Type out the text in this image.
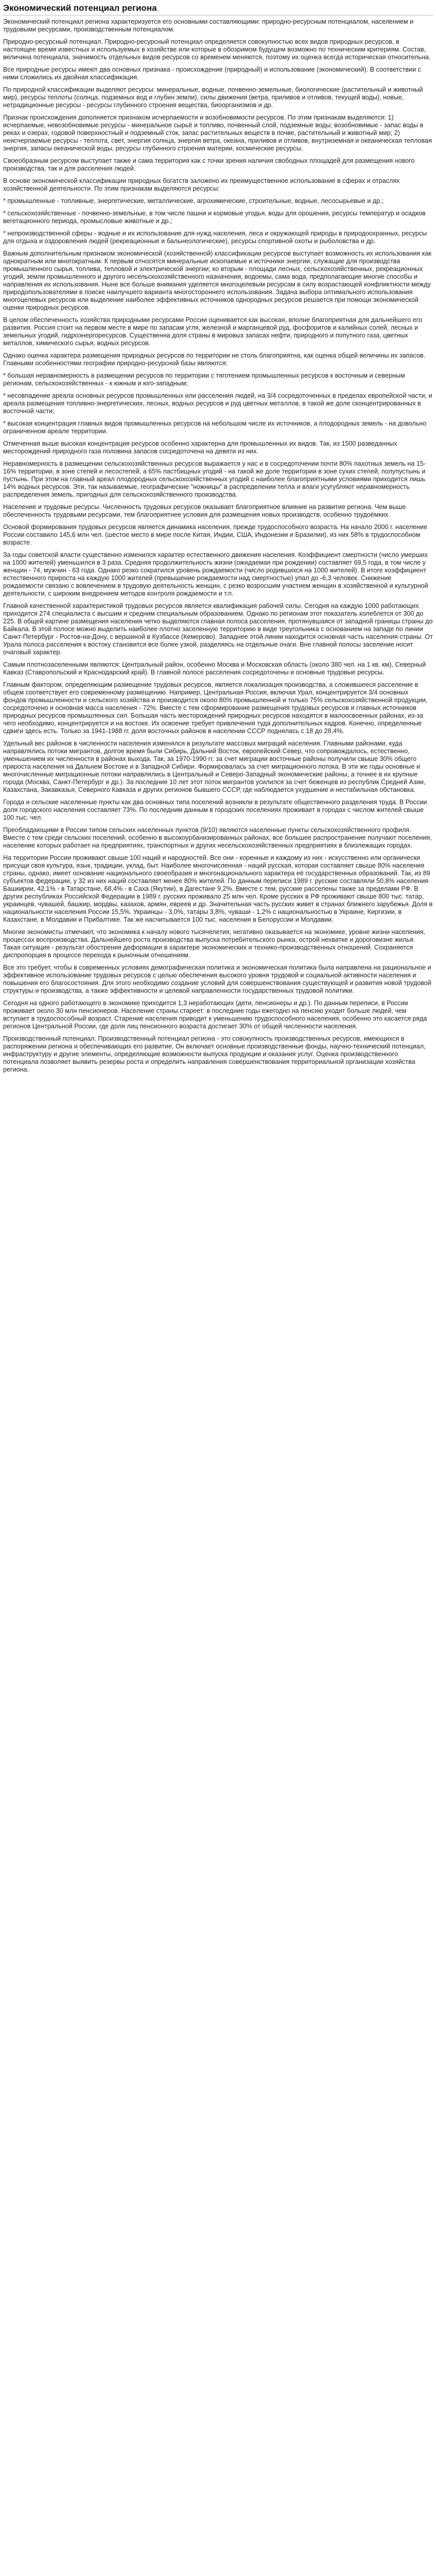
Экономический потенциал региона

Экономический потенциал региона характеризуется его основными составляющими: природно-ресурсным потенциалом, населением и трудовыми ресурсами, производственным потенциалом.

Природно-ресурсный потенциал. Природно-ресурсный потенциал определяется совокупностью всех видов природных ресурсов, в настоящее время известных и используемых в хозяйстве или которые в обозримом будущем возможно по техническим критериям. Состав, величина потенциала, значимость отдельных видов ресурсов со временем меняются, поэтому их оценка всегда историческая относительна.

Все природные ресурсы имеют два основных признака - происхождение (природный) и использование (экономический). В соответствии с ними сложились их двойная классификация.

По природной классификации выделяют ресурсы: минеральные, водные, почвенно-земельные, биологические (растительный и животный мир), ресурсы теплоты (солнца, подземных вод и глубин земли), силы движения (ветра, приливов и отливов, текущей воды), новые, нетрадиционные ресурсы - ресурсы глубинного строения вещества, биоорганизмов и др.

Признак происхождения дополняется признаком исчерпаемости и возобновимости ресурсов. По этим признакам выделяются: 1) исчерпаемые, невозобновимые ресурсы - минеральное сырьё и топливо, почвенный слой, подземные воды; возобновимые - запас воды в реках и озерах, годовой поверхностный и подземный сток, запас растительных веществ в почве, растительный и животный мир; 2) неисчерпаемые ресурсы - теплота, свет, энергия солнца, энергия ветра, океана, приливов и отливов, внутриземная и океаническая тепловая энергия, запасы океанической воды, ресурсы глубинного строения материи, космические ресурсы.

Своеобразным ресурсом выступает также и сама территория как с точки зрения наличия свободных площадей для размещения нового производства, так и для расселения людей.

В основе экономической классификации природных богатств заложено их преимущественное использование в сферах и отраслях хозяйственной деятельности. По этим признакам выделяются ресурсы:

* промышленные - топливные, энергетические, металлические, агрохимические, строительные, водные, лесосырьевые и др.;

* сельскохозяйственные - почвенно-земельные, в том числе пашни и кормовые угодья, воды для орошения, ресурсы температур и осадков вегетационного периода, промысловые животные и др.;

* непроизводственной сферы - водные и их использование для нужд населения, леса и окружающей природы в природоохранных, ресурсы для отдыха и оздоровления людей (рекреационные и бальнеологические), ресурсы спортивной охоты и рыболовства и др.

Важным дополнительным признаком экономической (хозяйственной) классификации ресурсов выступает возможность их использования как однократным или многократным. К первым относятся минеральные ископаемые и источники энергии, служащие для производства промышленного сырья, топлива, тепловой и электрической энергии; ко вторым - площади лесных, сельскохозяйственных, рекреационных угодий, земли промышленного и другого несельскохозяйственного назначения, водоемы, сама вода, предполагающие многие способы и направления их использования. Ныне все больше внимания уделяется многоцелевым ресурсам в силу возрастающей конфликтности между природопользователями в поиске наилучшего варианта многостороннего использования. Задача выбора оптимального использования многоцелевых ресурсов или выделение наиболее эффективных источников однородных ресурсов решается при помощи экономической оценки природных ресурсов.

В целом обеспеченность хозяйства природными ресурсами России оценивается как высокая, вполне благоприятная для дальнейшего его развития. Россия стоит на первом месте в мире по запасам угля, железной и марганцевой руд, фосфоритов и калийных солей, лесных и земельных угодий, гидроэнергоресурсов. Существенна доля страны в мировых запасах нефти, природного и попутного газа, цветных металлов, химического сырья, водных ресурсов.

Однако оценка характера размещения природных ресурсов по территории не столь благоприятна, как оценка общей величины их запасов. Главными особенностями географии природно-ресурсной базы являются:

* большая неравномерность в размещении ресурсов по территории с тяготением промышленных ресурсов к восточным и северным регионам, сельскохозяйственных - к южным и юго-западным;

* несовпадение ареала основных ресурсов промышленных или расселения людей, на 3/4 сосредоточенных в пределах европейской части, и ареала размещения топливно-энергетических, лесных, водных ресурсов и руд цветных металлов, в такой же доле сконцентрированных в восточной части;

* высокая концентрация главных видов промышленных ресурсов на небольшом числе их источников, а плодородных земель - на довольно ограниченном ареале территории.

Отмеченная выше высокая концентрация ресурсов особенно характерна для промышленных их видов. Так, из 1500 разведанных месторождений природного газа половина запасов сосредоточена на девяти из них.

Неравномерность в размещении сельскохозяйственных ресурсов выражается у нас и в сосредоточении почти 80% пахотных земель на 15-16% территории, в зоне степей и лесостепей, а 65% пастбищных угодий - на такой же доле территории в зоне сухих степей, полупустынь и пустынь. При этом на главный ареал плодородных сельскохозяйственных угодий с наиболее благоприятными условиями приходится лишь 14% водных ресурсов. Эти, так называемые, географические "ножницы" в распределении тепла и влаги усугубляют неравномерность распределения земель, пригодных для сельскохозяйственного производства.

Население и трудовые ресурсы. Численность трудовых ресурсов оказывает благоприятное влияние на развитие региона. Чем выше обеспеченность трудовыми ресурсами, тем благоприятнее условия для размещения новых производств, особенно трудоёмких.

Основой формирования трудовых ресурсов является динамика населения, прежде трудоспособного возраста. На начало 2000 г. население России составило 145,6 млн чел. (шестое место в мире после Китая, Индии, США, Индонезии и Бразилии), из них 58% в трудоспособном возрасте.

За годы советской власти существенно изменился характер естественного движения населения. Коэффициент смертности (число умерших на 1000 жителей) уменьшился в 3 раза. Средняя продолжительность жизни (ожидаемая при рождении) составляет 69,5 года, в том числе у женщин - 74, мужчин - 63 года. Однако резко сократился уровень рождаемости (число родившихся на 1000 жителей). В итоге коэффициент естественного прироста на каждую 1000 жителей (превышение рождаемости над смертностью) упал до -6,3 человек. Снижение рождаемости связано с вовлечением в трудовую деятельность женщин, с резко возросшим участием женщин в хозяйственной и культурной деятельности, с широким внедрением методов контроля рождаемости и т.п.

Главной качественной характеристикой трудовых ресурсов является квалификация рабочей силы. Сегодня на каждую 1000 работающих приходится 274 специалиста с высшим и средним специальным образованием. Однако по регионам этот показатель колеблется от 300 до 225. В общей картине размещения населения четко выделяются главная полоса расселения, протянувшаяся от западной границы страны до Байкала. В этой полосе можно выделить наиболее плотно заселенную территорию в виде треугольника с основанием на западе по линии Санкт-Петербург - Ростов-на-Дону, с вершиной в Кузбассе (Кемерово). Западнее этой линии находится основная часть населения страны. От Урала полоса расселения к востоку становится все более узкой, разделяясь на отдельные очаги. Вне главной полосы заселение носит очаговый характер.

Самым плотнозаселенными являются: Центральный район, особенно Москва и Московская область (около 380 чел. на 1 кв. км), Северный Кавказ (Ставропольский и Краснодарский край). В главной полосе расселения сосредоточены и основные трудовые ресурсы.

Главным фактором, определяющим размещение трудовых ресурсов, является локализация производства, а сложившееся расселение в общем соответствует его современному размещению. Например, Центральная Россия, включая Урал, концентрируется 3/4 основных фондов промышленности и сельского хозяйства и производится около 80% промышленной и только 75% сельскохозяйственной продукции, сосредоточено и основная масса населения - 72%. Вместе с тем сформирование размещения трудовых ресурсов и главных источников природных ресурсов промышленных сил. Большая часть месторождений природных ресурсов находятся в малоосвоенных районах, из-за чего необходимо, концентрируется и на востоке. Их освоение требует привлечения туда дополнительных кадров. Конечно, определенные сдвиги здесь есть. Только за 1941-1988 гг. доля восточных районов в населении СССР поднялась с 18 до 28,4%.

Удельный вес районов в численности населения изменялся в результате массовых миграций населения. Главными районами, куда направлялись потоки мигрантов, долгое время были Сибирь, Дальний Восток, европейский Север, что сопровождалось, естественно, уменьшением их численности в районах выхода. Так, за 1970-1990 гг. за счет миграции восточные районы получили свыше 30% общего прироста населения на Дальнем Востоке и в Западной Сибири. Формировалась за счет миграционного потока. В эти же годы основные и многочисленные миграционные потоки направлялись в Центральный и Северо-Западный экономические районы, а точнее в их крупные города (Москва, Санкт-Петербург и др.). За последние 10 лет этот поток мигрантов усилился за счет беженцев из республик Средней Азии, Казахстана, Закавказья, Северного Кавказа и других регионов бывшего СССР, где наблюдается ухудшение и нестабильная обстановка.

Города и сельские населенные пункты как два основных типа поселений возникли в результате общественного разделения труда. В России доля городского населения составляет 73%. По последним данным в городских поселениях проживает в городах с числом жителей свыше 100 тыс. чел.

Преобладающими в России типом сельских населенных пунктов (9/10) являются населенные пункты сельскохозяйственного профиля. Вместе с тем среди сельских поселений, особенно в высокоурбанизированных районах, все большее распространение получают поселения, население которых работает на предприятиях, транспортных и других несельскохозяйственных предприятиях в близлежащих городах.

На территории России проживают свыше 100 наций и народностей. Все они - коренные и каждому из них - искусственно или органически присущи своя культура, язык, традиции, уклад, быт. Наиболее многочисленная - наций русская, которая составляет свыше 80% населения страны, однако, имеет основание национального своеобразия и многонационального характера её государственных образований. Так, из 89 субъектов федерации, у 32 из них наций составляет менее 80% жителей. По данным переписи 1989 г. русские составляли 50,8% населения Башкирии, 42,1% - в Татарстане, 68,4% - в Саха (Якутии), в Дагестане 9,2%. Вместе с тем, русские расселены также за пределами РФ. В других республиках Российской Федерации в 1989 г. русских проживало 25 млн чел. Кроме русских в РФ проживают свыше 800 тыс. татар, украинцев, чувашей, башкир, мордвы, казахов, армян, евреев и др. Значительная часть русских живет в странах ближнего зарубежья. Доля в национальности населения России 15,5%. Украинцы - 3,0%, татары 3,8%, чуваши - 1,2% с национальностью в Украине, Киргизии, в Казахстане, в Молдавии и Прибалтике. Так же насчитывается 100 тыс. населения в Белоруссии и Молдавии.

Многие экономисты отмечают, что экономика к началу нового тысячелетия, негативно оказывается на экономике, уровне жизни населения, процессах воспроизводства. Дальнейшего роста производства выпуска потребительского рынка, острой нехватке и дороговизне жилья. Такая ситуация - результат обострения деформации в характере экономических и технико-производственных отношений. Сохраняется диспропорция в процессе перехода к рыночным отношениям.

Все это требует, чтобы в современных условиях демографическая политика и экономическая политика была направлена на рациональное и эффективное использование трудовых ресурсов с целью обеспечения высокого уровня трудовой и социальной активности населения и повышения его благосостояния. Для этого необходимо создание условий для совершенствования существующей и развития новой трудовой структуры и производства, а также эффективности и целевой направленности государственных трудовой политики.

Сегодня на одного работающего в экономике приходится 1,3 неработающих (дети, пенсионеры и др.). По данным переписи, в России проживает около 30 млн пенсионеров. Население страны стареет: в последние годы ежегодно на пенсию уходит больше людей, чем вступает в трудоспособный возраст. Старение населения приводит к уменьшению трудоспособного населения, особенно это касается ряда регионов Центральной России, где доля лиц пенсионного возраста достигает 30% от общей численности населения.

Производственный потенциал. Производственный потенциал региона - это совокупность производственных ресурсов, имеющихся в распоряжении региона и обеспечивающих его развитие. Он включает основные производственные фонды, научно-технический потенциал, инфраструктуру и другие элементы, определяющие возможности выпуска продукции и оказания услуг. Оценка производственного потенциала позволяет выявить резервы роста и определить направления совершенствования территориальной организации хозяйства региона.
